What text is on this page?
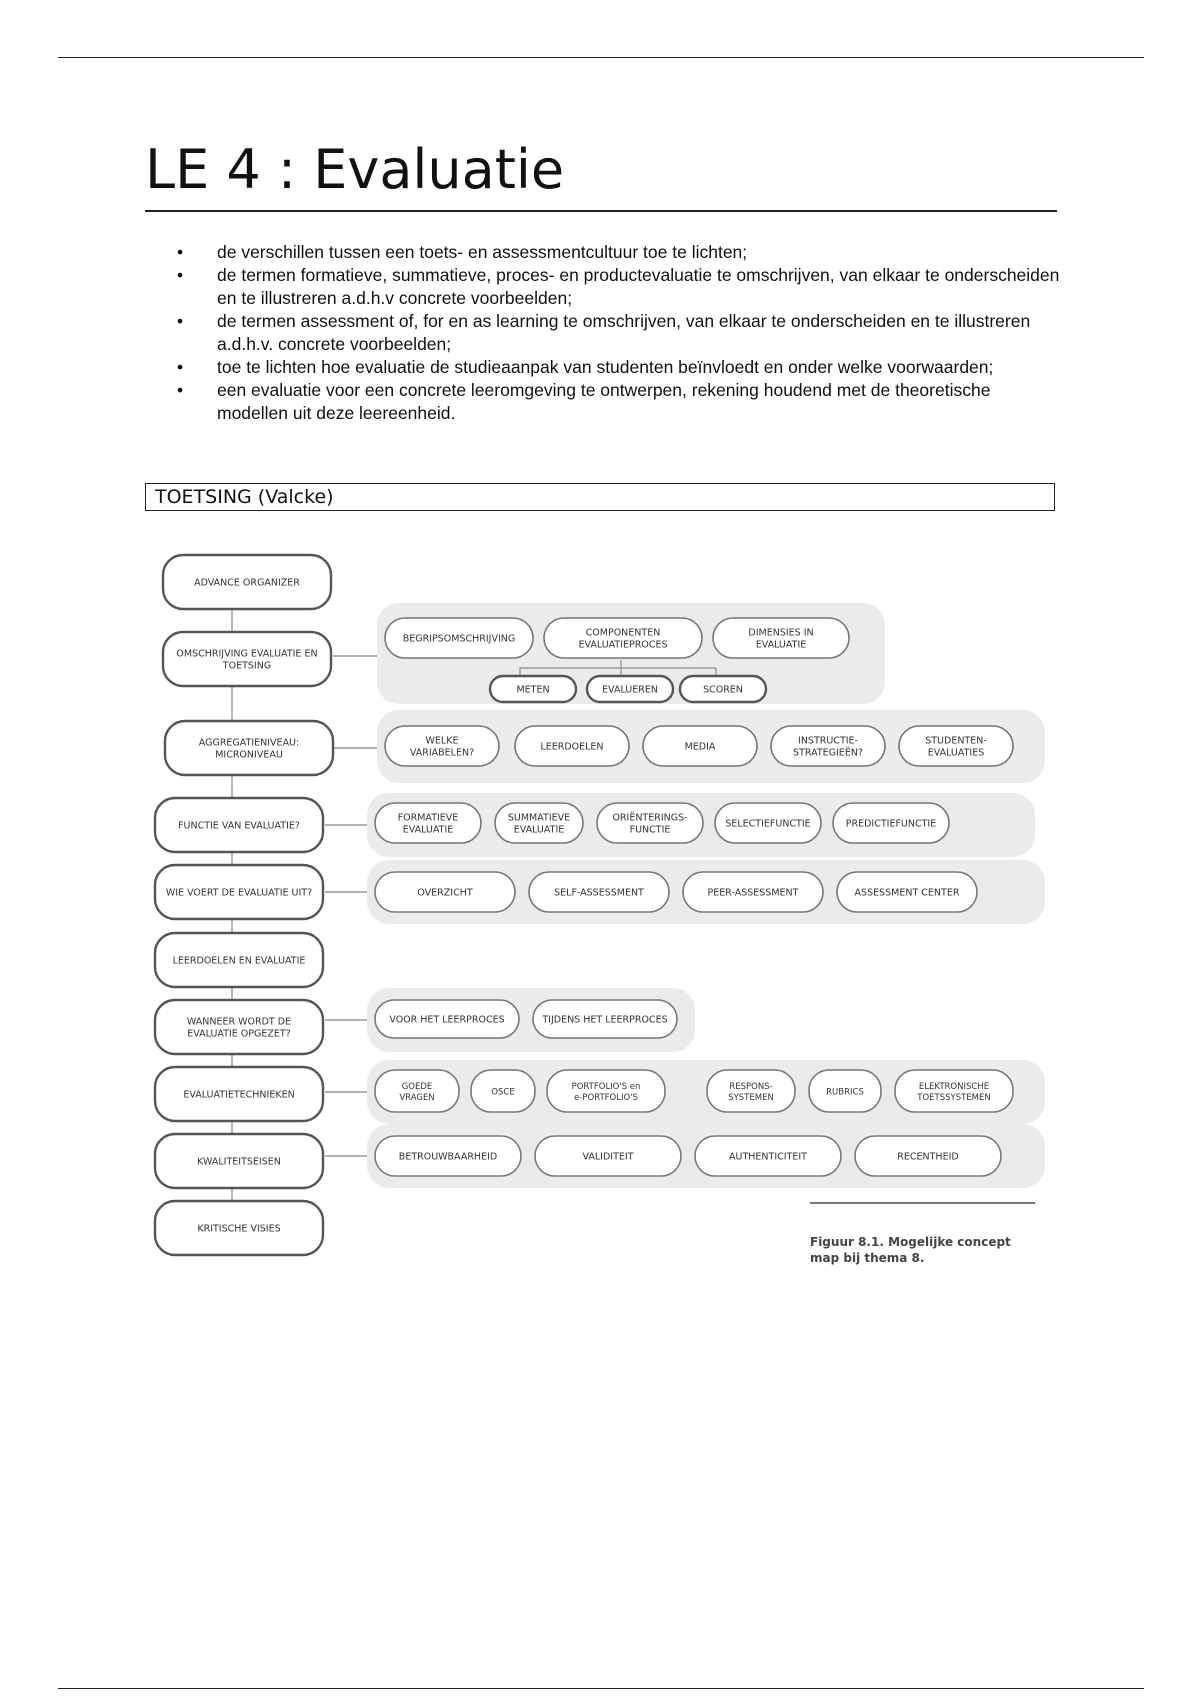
LE 4 : Evaluatie
• de verschillen tussen een toets- en assessmentcultuur toe te lichten;
• de termen formatieve, summatieve, proces- en productevaluatie te omschrijven, van elkaar te onderscheiden en te illustreren a.d.h.v concrete voorbeelden;
• de termen assessment of, for en as learning te omschrijven, van elkaar te onderscheiden en te illustreren a.d.h.v. concrete voorbeelden;
• toe te lichten hoe evaluatie de studieaanpak van studenten beïnvloedt en onder welke voorwaarden;
• een evaluatie voor een concrete leeromgeving te ontwerpen, rekening houdend met de theoretische modellen uit deze leereenheid.
TOETSING (Valcke)
ADVANCE ORGANIZER
OMSCHRIJVING EVALUATIE EN
TOETSING
AGGREGATIENIVEAU:
MICRONIVEAU
FUNCTIE VAN EVALUATIE?
WIE VOERT DE EVALUATIE UIT?
LEERDOELEN EN EVALUATIE
WANNEER WORDT DE
EVALUATIE OPGEZET?
EVALUATIETECHNIEKEN
KWALITEITSEISEN
KRITISCHE VISIES
BEGRIPSOMSCHRIJVING
COMPONENTEN
EVALUATIEPROCES
DIMENSIES IN
EVALUATIE
METEN	EVALUEREN	SCOREN
WELKE
VARIABELEN?
LEERDOELEN	MEDIA
INSTRUCTIE-
STRATEGIEËN?
STUDENTEN-
EVALUATIES
FORMATIEVE
EVALUATIE
SUMMATIEVE
EVALUATIE
ORIËNTERINGS-
FUNCTIE
SELECTIEFUNCTIE	PREDICTIEFUNCTIE
OVERZICHT	SELF-ASSESSMENT	PEER-ASSESSMENT	ASSESSMENT CENTER
VOOR HET LEERPROCES	TIJDENS HET LEERPROCES
GOEDE
VRAGEN
OSCE
PORTFOLIO'S en
e-PORTFOLIO'S
RESPONS-
SYSTEMEN
RUBRICS
ELEKTRONISCHE
TOETSSYSTEMEN
BETROUWBAARHEID	VALIDITEIT	AUTHENTICITEIT	RECENTHEID
Figuur 8.1. Mogelijke concept
map bij thema 8.
